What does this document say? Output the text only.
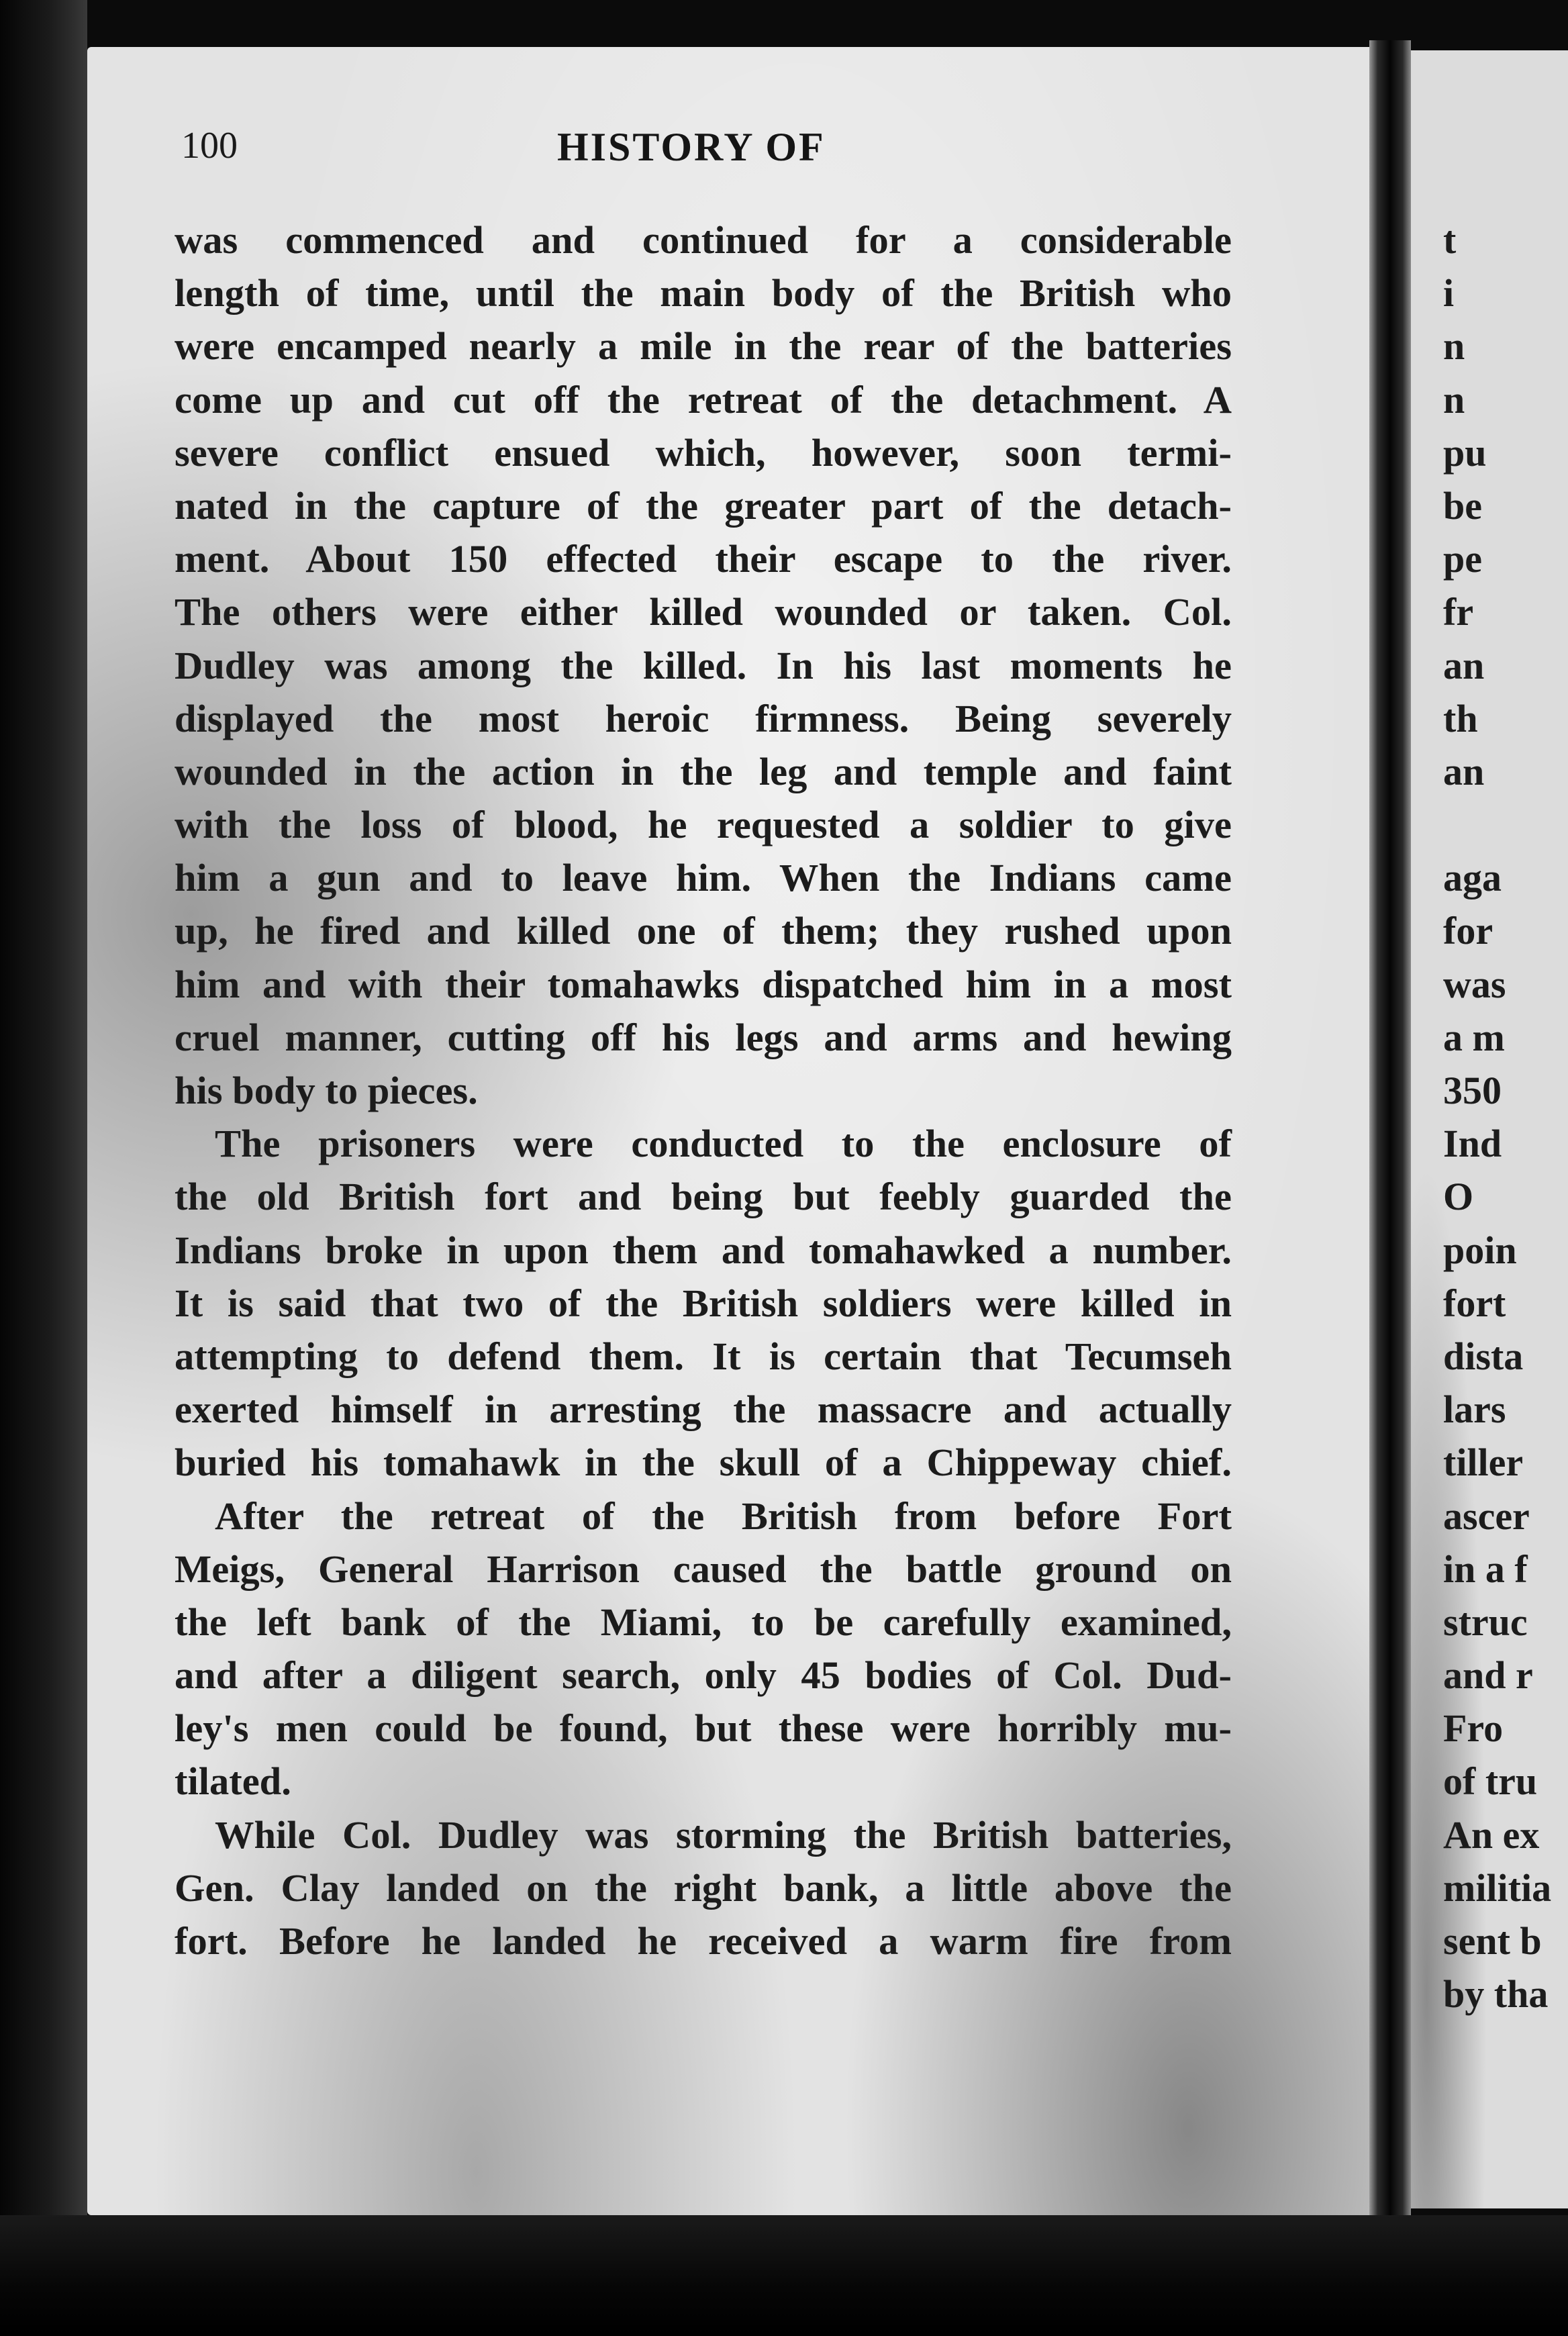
100	HISTORY OF
was commenced and continued for a considerable
length of time, until the main body of the British who
were encamped nearly a mile in the rear of the batteries
come up and cut off the retreat of the detachment. A
severe conflict ensued which, however, soon termi-
nated in the capture of the greater part of the detach-
ment. About 150 effected their escape to the river.
The others were either killed wounded or taken. Col.
Dudley was among the killed. In his last moments he
displayed the most heroic firmness. Being severely
wounded in the action in the leg and temple and faint
with the loss of blood, he requested a soldier to give
him a gun and to leave him. When the Indians came
up, he fired and killed one of them; they rushed upon
him and with their tomahawks dispatched him in a most
cruel manner, cutting off his legs and arms and hewing
his body to pieces.
The prisoners were conducted to the enclosure of
the old British fort and being but feebly guarded the
Indians broke in upon them and tomahawked a number.
It is said that two of the British soldiers were killed in
attempting to defend them. It is certain that Tecumseh
exerted himself in arresting the massacre and actually
buried his tomahawk in the skull of a Chippeway chief.
After the retreat of the British from before Fort
Meigs, General Harrison caused the battle ground on
the left bank of the Miami, to be carefully examined,
and after a diligent search, only 45 bodies of Col. Dud-
ley's men could be found, but these were horribly mu-
tilated.
While Col. Dudley was storming the British batteries,
Gen. Clay landed on the right bank, a little above the
fort. Before he landed he received a warm fire from
t
i
n
n
pu
be
pe
fr
an
th
an
aga
for
was
a m
350
Ind
O
poin
fort
dista
lars
tiller
ascer
in a f
struc
and r
Fro
of tru
An ex
militia
sent b
by tha
